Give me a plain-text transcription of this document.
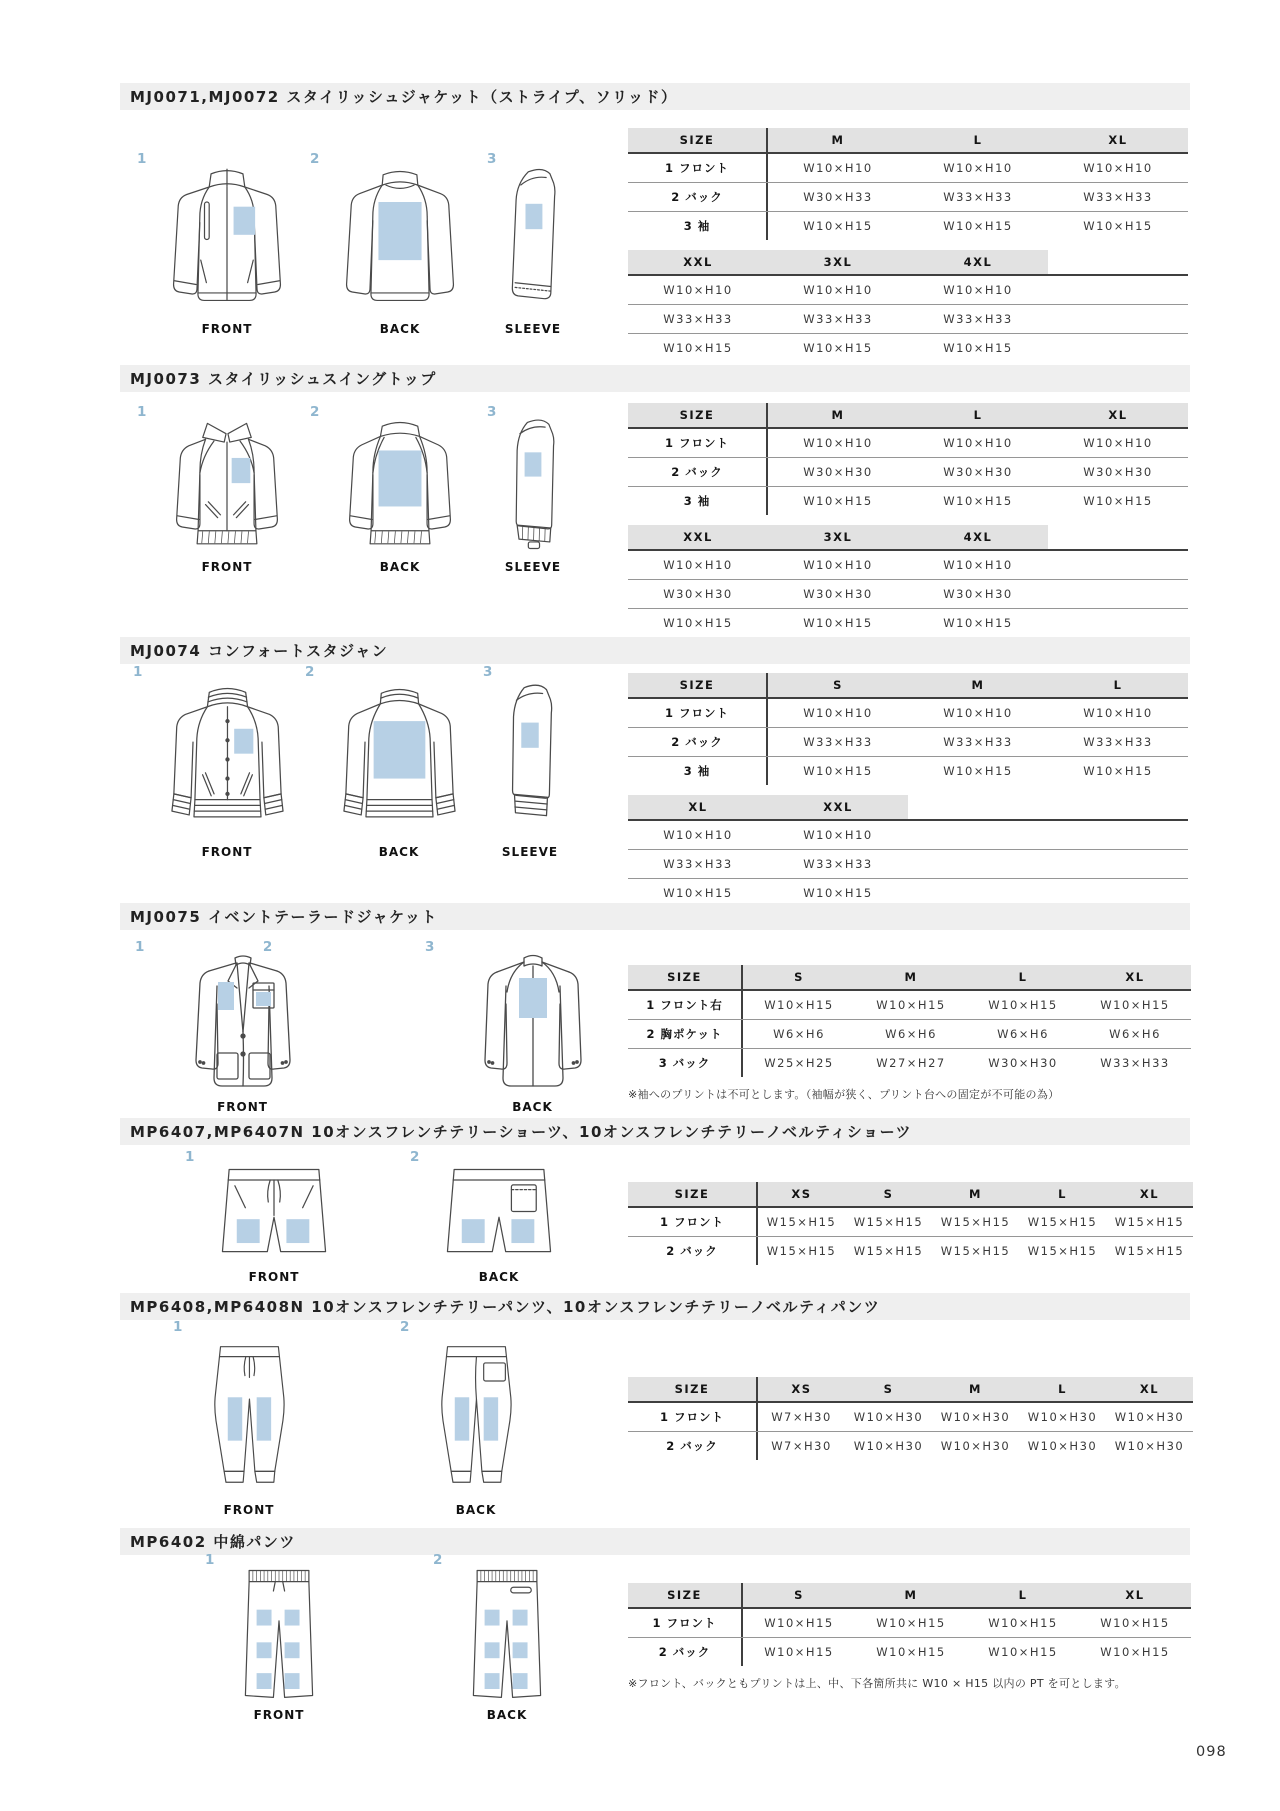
MJ0071,MJ0072 スタイリッシュジャケット（ストライプ、ソリッド）
1
FRONT
2
BACK
3
SLEEVE
SIZE	M	L	XL
1 フロント	W10×H10	W10×H10	W10×H10
2 バック	W30×H33	W33×H33	W33×H33
3 袖	W10×H15	W10×H15	W10×H15
XXL	3XL	4XL
W10×H10	W10×H10	W10×H10
W33×H33	W33×H33	W33×H33
W10×H15	W10×H15	W10×H15
MJ0073 スタイリッシュスイングトップ
1
FRONT
2
BACK
3
SLEEVE
SIZE	M	L	XL
1 フロント	W10×H10	W10×H10	W10×H10
2 バック	W30×H30	W30×H30	W30×H30
3 袖	W10×H15	W10×H15	W10×H15
XXL	3XL	4XL
W10×H10	W10×H10	W10×H10
W30×H30	W30×H30	W30×H30
W10×H15	W10×H15	W10×H15
MJ0074 コンフォートスタジャン
1
FRONT
2
BACK
3
SLEEVE
SIZE	S	M	L
1 フロント	W10×H10	W10×H10	W10×H10
2 バック	W33×H33	W33×H33	W33×H33
3 袖	W10×H15	W10×H15	W10×H15
XL	XXL
W10×H10	W10×H10
W33×H33	W33×H33
W10×H15	W10×H15
MJ0075 イベントテーラードジャケット
1	2
FRONT
3
BACK
SIZE	S	M	L	XL
1 フロント右	W10×H15	W10×H15	W10×H15	W10×H15
2 胸ポケット	W6×H6	W6×H6	W6×H6	W6×H6
3 バック	W25×H25	W27×H27	W30×H30	W33×H33
※袖へのプリントは不可とします。（袖幅が狭く、プリント台への固定が不可能の為）
MP6407,MP6407N 10オンスフレンチテリーショーツ、10オンスフレンチテリーノベルティショーツ
1
FRONT
2
BACK
SIZE	XS	S	M	L	XL
1 フロント	W15×H15	W15×H15	W15×H15	W15×H15	W15×H15
2 バック	W15×H15	W15×H15	W15×H15	W15×H15	W15×H15
MP6408,MP6408N 10オンスフレンチテリーパンツ、10オンスフレンチテリーノベルティパンツ
1
FRONT
2
BACK
SIZE	XS	S	M	L	XL
1 フロント	W7×H30	W10×H30	W10×H30	W10×H30	W10×H30
2 バック	W7×H30	W10×H30	W10×H30	W10×H30	W10×H30
MP6402 中綿パンツ
1
FRONT
2
BACK
SIZE	S	M	L	XL
1 フロント	W10×H15	W10×H15	W10×H15	W10×H15
2 バック	W10×H15	W10×H15	W10×H15	W10×H15
※フロント、バックともプリントは上、中、下各箇所共に W10 × H15 以内の PT を可とします。
098
